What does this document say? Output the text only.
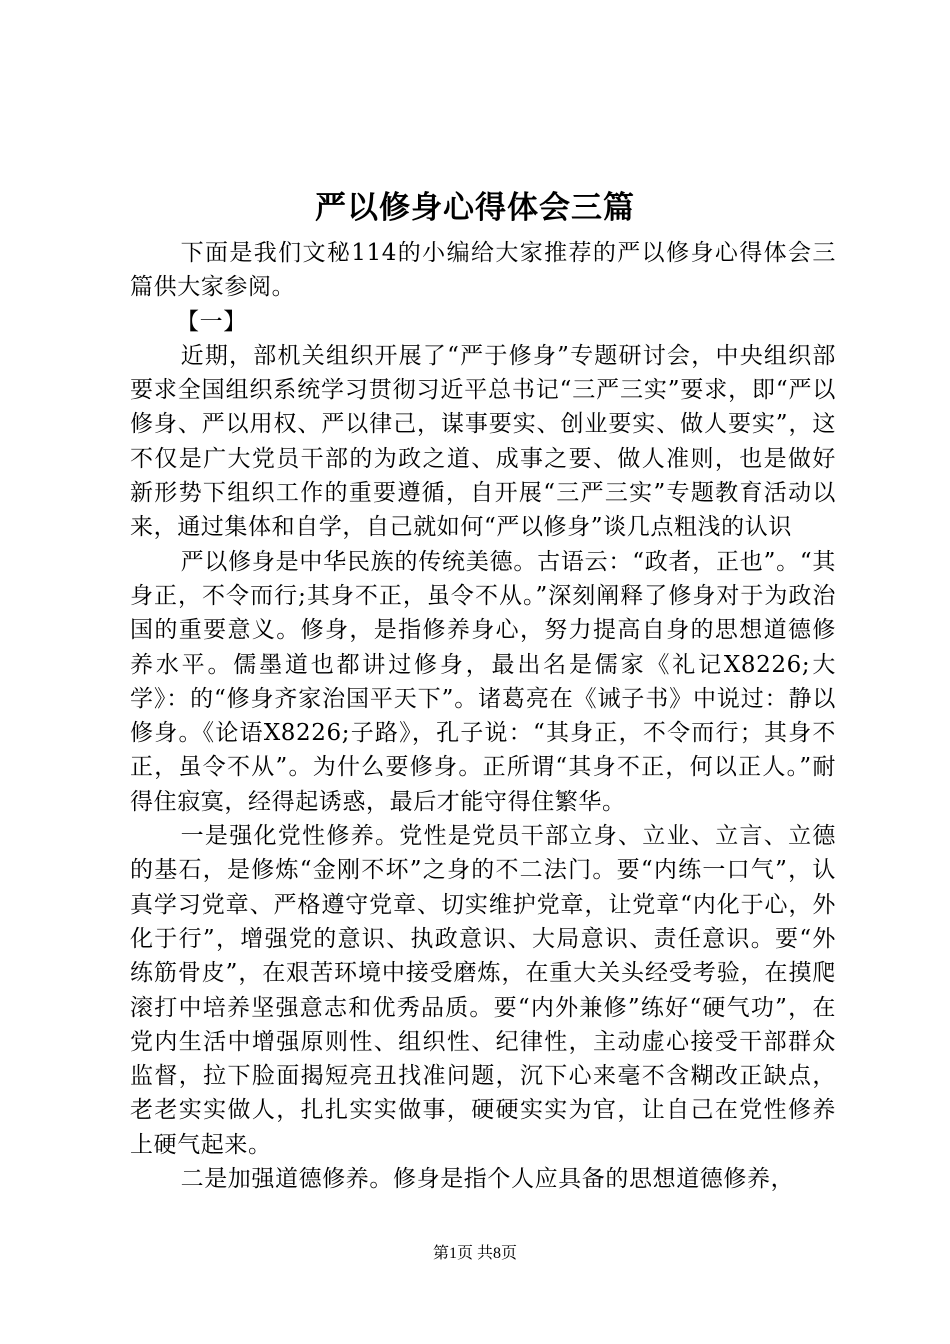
严以修身心得体会三篇

下面是我们文秘114的小编给大家推荐的严以修身心得体会三篇供大家参阅。

【一】

近期，部机关组织开展了“严于修身”专题研讨会，中央组织部要求全国组织系统学习贯彻习近平总书记“三严三实”要求，即“严以修身、严以用权、严以律己，谋事要实、创业要实、做人要实”，这不仅是广大党员干部的为政之道、成事之要、做人准则，也是做好新形势下组织工作的重要遵循，自开展“三严三实”专题教育活动以来，通过集体和自学，自己就如何“严以修身”谈几点粗浅的认识

严以修身是中华民族的传统美德。古语云：“政者，正也”。“其身正，不令而行;其身不正，虽令不从。”深刻阐释了修身对于为政治国的重要意义。修身，是指修养身心，努力提高自身的思想道德修养水平。儒墨道也都讲过修身，最出名是儒家《礼记X8226;大学》：的“修身齐家治国平天下”。诸葛亮在《诫子书》中说过：静以修身。《论语X8226;子路》，孔子说：“其身正，不令而行；其身不正，虽令不从”。为什么要修身。正所谓“其身不正，何以正人。”耐得住寂寞，经得起诱惑，最后才能守得住繁华。

一是强化党性修养。党性是党员干部立身、立业、立言、立德的基石，是修炼“金刚不坏”之身的不二法门。要“内练一口气”，认真学习党章、严格遵守党章、切实维护党章，让党章“内化于心，外化于行”，增强党的意识、执政意识、大局意识、责任意识。要“外练筋骨皮”，在艰苦环境中接受磨炼，在重大关头经受考验，在摸爬滚打中培养坚强意志和优秀品质。要“内外兼修”练好“硬气功”，在党内生活中增强原则性、组织性、纪律性，主动虚心接受干部群众监督，拉下脸面揭短亮丑找准问题，沉下心来毫不含糊改正缺点，老老实实做人，扎扎实实做事，硬硬实实为官，让自己在党性修养上硬气起来。

二是加强道德修养。修身是指个人应具备的思想道德修养，

第1页 共8页
